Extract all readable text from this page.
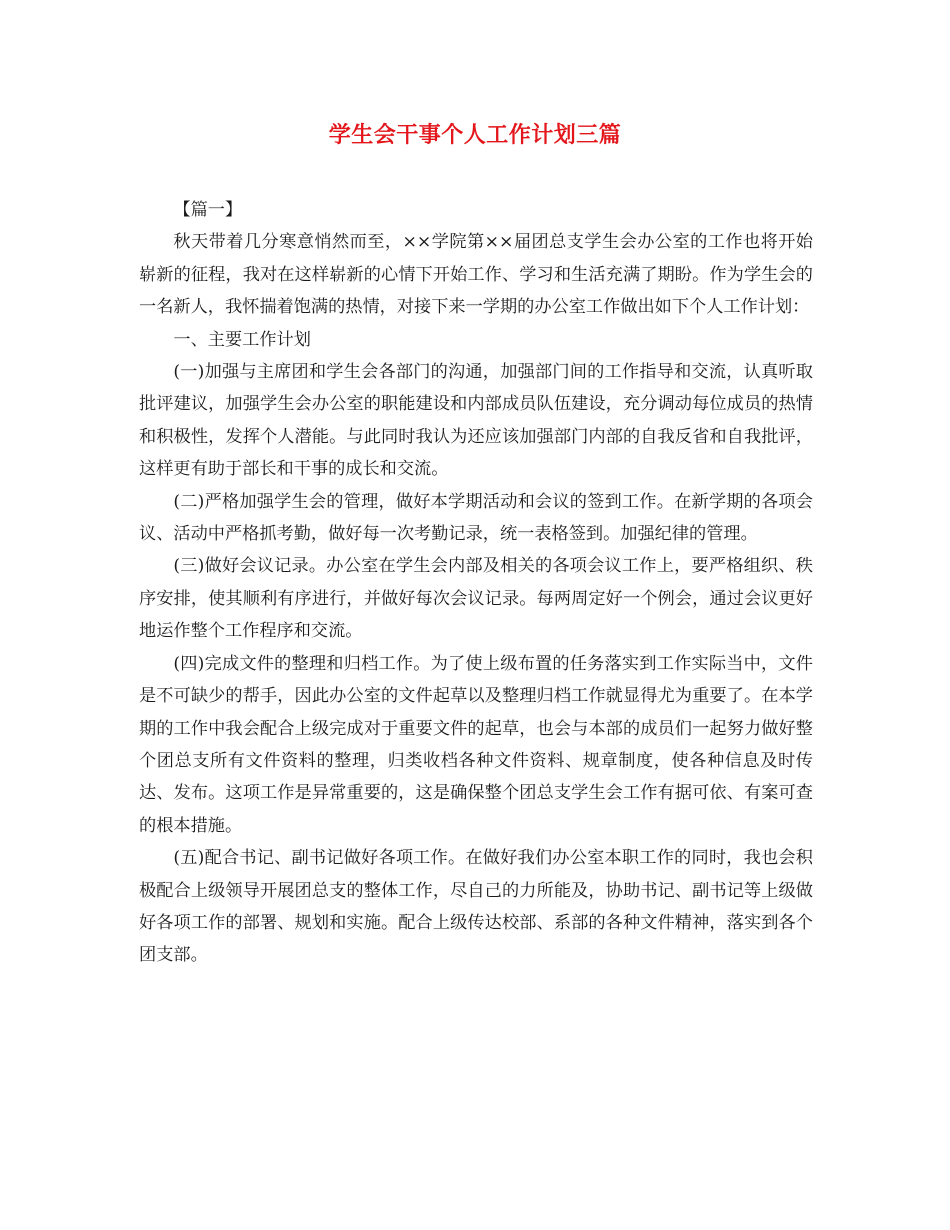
学生会干事个人工作计划三篇

【篇一】

秋天带着几分寒意悄然而至，××学院第××届团总支学生会办公室的工作也将开始崭新的征程，我对在这样崭新的心情下开始工作、学习和生活充满了期盼。作为学生会的一名新人，我怀揣着饱满的热情，对接下来一学期的办公室工作做出如下个人工作计划：

一、主要工作计划

(一)加强与主席团和学生会各部门的沟通，加强部门间的工作指导和交流，认真听取批评建议，加强学生会办公室的职能建设和内部成员队伍建设，充分调动每位成员的热情和积极性，发挥个人潜能。与此同时我认为还应该加强部门内部的自我反省和自我批评，这样更有助于部长和干事的成长和交流。

(二)严格加强学生会的管理，做好本学期活动和会议的签到工作。在新学期的各项会议、活动中严格抓考勤，做好每一次考勤记录，统一表格签到。加强纪律的管理。

(三)做好会议记录。办公室在学生会内部及相关的各项会议工作上，要严格组织、秩序安排，使其顺利有序进行，并做好每次会议记录。每两周定好一个例会，通过会议更好地运作整个工作程序和交流。

(四)完成文件的整理和归档工作。为了使上级布置的任务落实到工作实际当中，文件是不可缺少的帮手，因此办公室的文件起草以及整理归档工作就显得尤为重要了。在本学期的工作中我会配合上级完成对于重要文件的起草，也会与本部的成员们一起努力做好整个团总支所有文件资料的整理，归类收档各种文件资料、规章制度，使各种信息及时传达、发布。这项工作是异常重要的，这是确保整个团总支学生会工作有据可依、有案可查的根本措施。

(五)配合书记、副书记做好各项工作。在做好我们办公室本职工作的同时，我也会积极配合上级领导开展团总支的整体工作，尽自己的力所能及，协助书记、副书记等上级做好各项工作的部署、规划和实施。配合上级传达校部、系部的各种文件精神，落实到各个团支部。
